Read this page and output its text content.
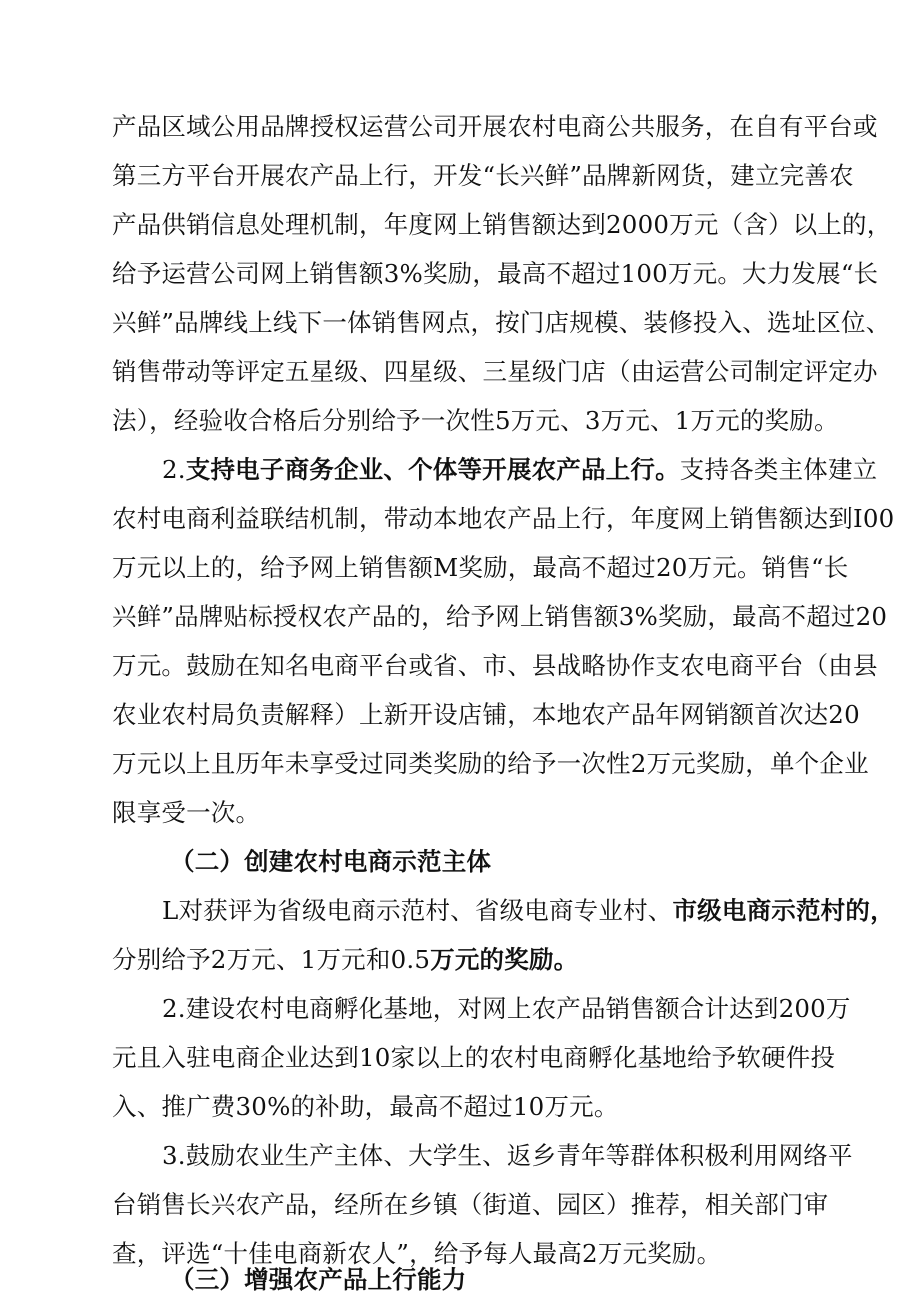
产品区域公用品牌授权运营公司开展农村电商公共服务，在自有平台或
第三方平台开展农产品上行，开发“长兴鲜”品牌新网货，建立完善农
产品供销信息处理机制，年度网上销售额达到2000万元（含）以上的，
给予运营公司网上销售额3%奖励，最高不超过100万元。大力发展“长
兴鲜”品牌线上线下一体销售网点，按门店规模、装修投入、选址区位、
销售带动等评定五星级、四星级、三星级门店（由运营公司制定评定办
法），经验收合格后分别给予一次性5万元、3万元、1万元的奖励。
2.支持电子商务企业、个体等开展农产品上行。支持各类主体建立
农村电商利益联结机制，带动本地农产品上行，年度网上销售额达到I00
万元以上的，给予网上销售额M奖励，最高不超过20万元。销售“长
兴鲜”品牌贴标授权农产品的，给予网上销售额3%奖励，最高不超过20
万元。鼓励在知名电商平台或省、市、县战略协作支农电商平台（由县
农业农村局负责解释）上新开设店铺，本地农产品年网销额首次达20
万元以上且历年未享受过同类奖励的给予一次性2万元奖励，单个企业
限享受一次。
（二）创建农村电商示范主体
L对获评为省级电商示范村、省级电商专业村、市级电商示范村的，
分别给予2万元、1万元和0.5万元的奖励。
2.建设农村电商孵化基地，对网上农产品销售额合计达到200万
元且入驻电商企业达到10家以上的农村电商孵化基地给予软硬件投
入、推广费30%的补助，最高不超过10万元。
3.鼓励农业生产主体、大学生、返乡青年等群体积极利用网络平
台销售长兴农产品，经所在乡镇（街道、园区）推荐，相关部门审
查，评选“十佳电商新农人”，给予每人最高2万元奖励。
（三）增强农产品上行能力
